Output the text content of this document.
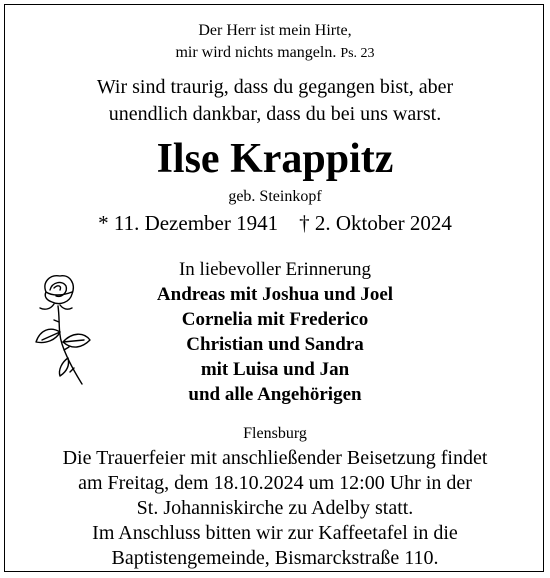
Der Herr ist mein Hirte,
mir wird nichts mangeln. Ps. 23
Wir sind traurig, dass du gegangen bist, aber
unendlich dankbar, dass du bei uns warst.
Ilse Krappitz
geb. Steinkopf
* 11. Dezember 1941    † 2. Oktober 2024
In liebevoller Erinnerung
Andreas mit Joshua und Joel
Cornelia mit Frederico
Christian und Sandra
mit Luisa und Jan
und alle Angehörigen
Flensburg
Die Trauerfeier mit anschließender Beisetzung findet
am Freitag, dem 18.10.2024 um 12:00 Uhr in der
St. Johanniskirche zu Adelby statt.
Im Anschluss bitten wir zur Kaffeetafel in die
Baptistengemeinde, Bismarckstraße 110.
